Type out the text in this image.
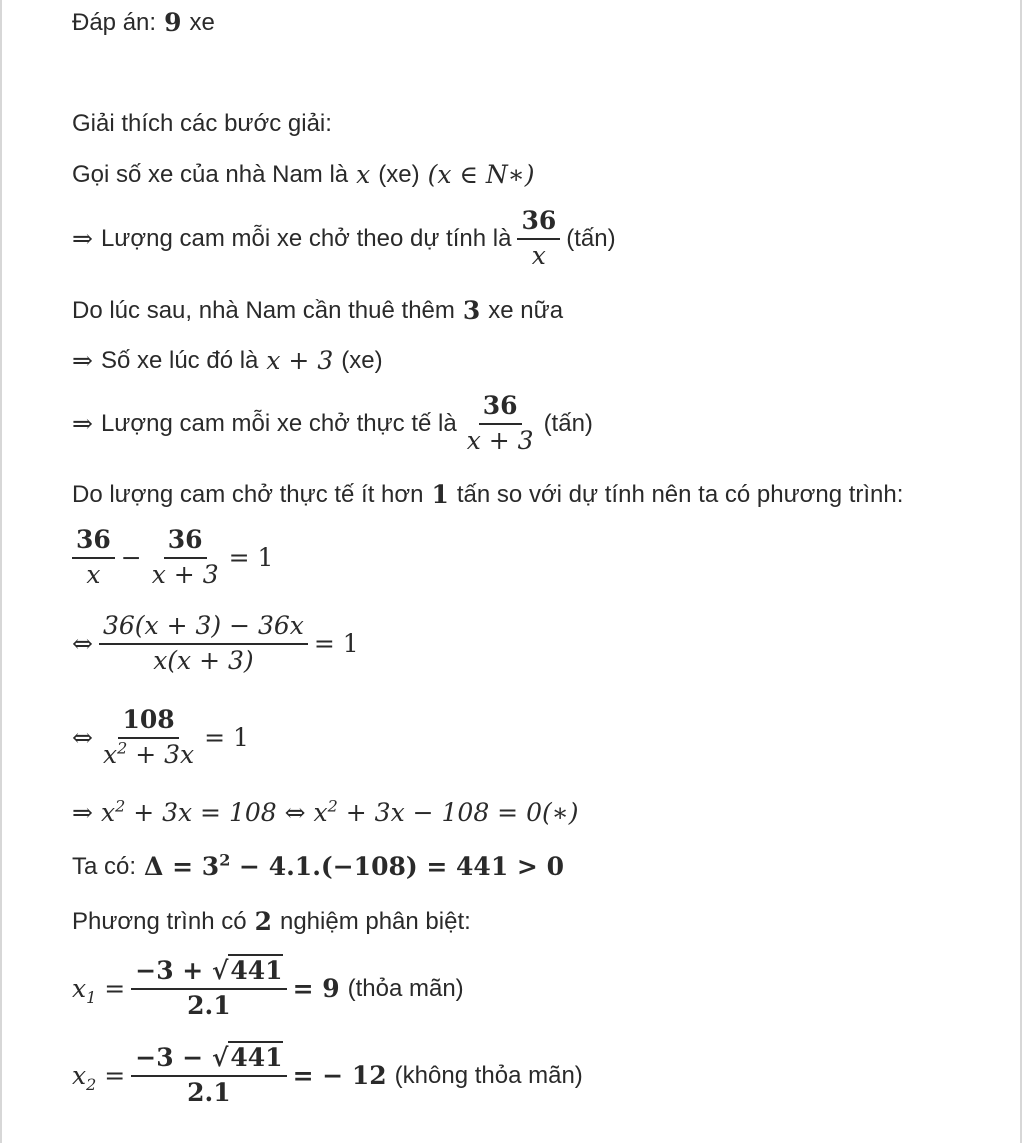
Đáp án: 9 xe
Giải thích các bước giải:
Gọi số xe của nhà Nam là x (xe) (x ∈ N∗)
⇒ Lượng cam mỗi xe chở theo dự tính là $\frac{36}{x}$ (tấn)
Do lúc sau, nhà Nam cần thuê thêm 3 xe nữa
⇒ Số xe lúc đó là x + 3 (xe)
⇒ Lượng cam mỗi xe chở thực tế là $\frac{36}{x + 3}$ (tấn)
Do lượng cam chở thực tế ít hơn 1 tấn so với dự tính nên ta có phương trình:
$\frac{36}{x} - \frac{36}{x + 3} = 1$
⇔ $\frac{36(x + 3) - 36x}{x(x + 3)} = 1$
⇔ $\frac{108}{x^2 + 3x} = 1$
⇒ $x^2 + 3x = 108$ ⇔ $x^2 + 3x - 108$ = 0(∗)
Ta có: $\Delta = 3^2 - 4.1.(-108) = 441 > 0$
Phương trình có 2 nghiệm phân biệt:
$x_1 = \frac{-3 + √441}{2.1} = 9$ (thỏa mãn)
$x_2 = \frac{-3 - √441}{2.1}$ = − 12 (không thỏa mãn)
